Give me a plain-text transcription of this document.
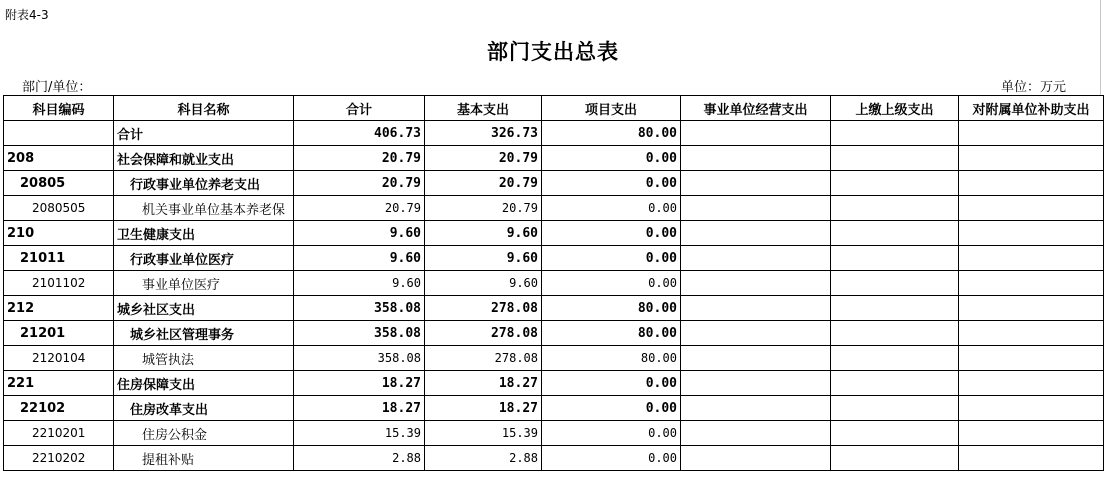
附表4-3
部门支出总表
部门/单位：	单位：万元
科目编码	科目名称	合计	基本支出	项目支出	事业单位经营支出	上缴上级支出	对附属单位补助支出
	合计	406.73	326.73	80.00			
208	社会保障和就业支出	20.79	20.79	0.00			
20805	行政事业单位养老支出	20.79	20.79	0.00			
2080505	机关事业单位基本养老保	20.79	20.79	0.00			
210	卫生健康支出	9.60	9.60	0.00			
21011	行政事业单位医疗	9.60	9.60	0.00			
2101102	事业单位医疗	9.60	9.60	0.00			
212	城乡社区支出	358.08	278.08	80.00			
21201	城乡社区管理事务	358.08	278.08	80.00			
2120104	城管执法	358.08	278.08	80.00			
221	住房保障支出	18.27	18.27	0.00			
22102	住房改革支出	18.27	18.27	0.00			
2210201	住房公积金	15.39	15.39	0.00			
2210202	提租补贴	2.88	2.88	0.00			
